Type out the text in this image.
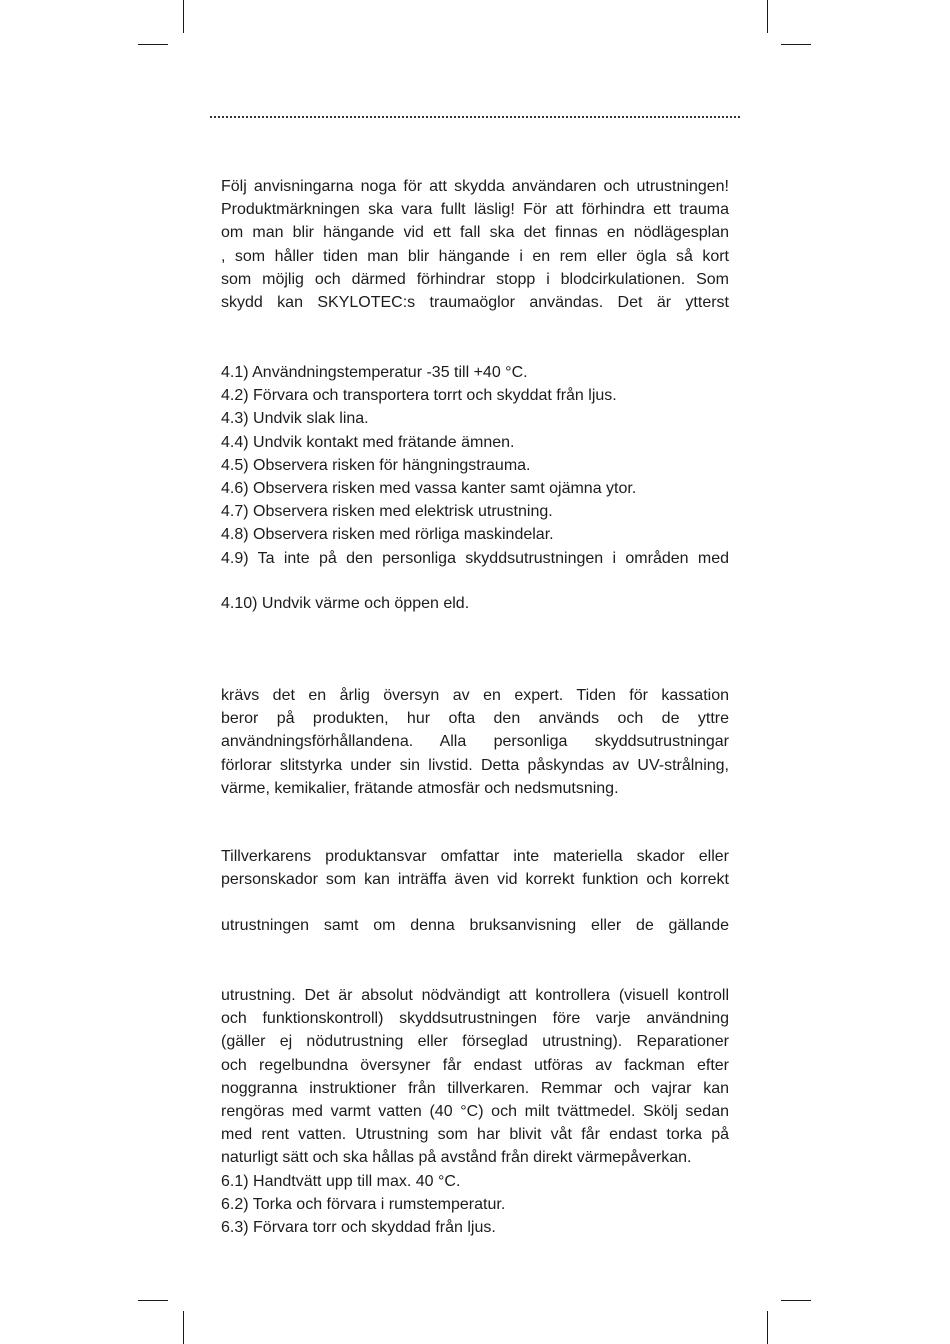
Följ anvisningarna noga för att skydda användaren och utrustningen!
Produktmärkningen ska vara fullt läslig! För att förhindra ett trauma
om man blir hängande vid ett fall ska det finnas en nödlägesplan
, som håller tiden man blir hängande i en rem eller ögla så kort
som möjlig och därmed förhindrar stopp i blodcirkulationen. Som
skydd kan SKYLOTEC:s traumaöglor användas. Det är ytterst
4.1) Användningstemperatur -35 till +40 °C.
4.2) Förvara och transportera torrt och skyddat från ljus.
4.3) Undvik slak lina.
4.4) Undvik kontakt med frätande ämnen.
4.5) Observera risken för hängningstrauma.
4.6) Observera risken med vassa kanter samt ojämna ytor.
4.7) Observera risken med elektrisk utrustning.
4.8) Observera risken med rörliga maskindelar.
4.9) Ta inte på den personliga skyddsutrustningen i områden med
4.10) Undvik värme och öppen eld.
krävs det en årlig översyn av en expert. Tiden för kassation
beror på produkten, hur ofta den används och de yttre
användningsförhållandena. Alla personliga skyddsutrustningar
förlorar slitstyrka under sin livstid. Detta påskyndas av UV-strålning,
värme, kemikalier, frätande atmosfär och nedsmutsning.
Tillverkarens produktansvar omfattar inte materiella skador eller
personskador som kan inträffa även vid korrekt funktion och korrekt
utrustningen samt om denna bruksanvisning eller de gällande
utrustning. Det är absolut nödvändigt att kontrollera (visuell kontroll
och funktionskontroll) skyddsutrustningen före varje användning
(gäller ej nödutrustning eller förseglad utrustning). Reparationer
och regelbundna översyner får endast utföras av fackman efter
noggranna instruktioner från tillverkaren. Remmar och vajrar kan
rengöras med varmt vatten (40 °C) och milt tvättmedel. Skölj sedan
med rent vatten. Utrustning som har blivit våt får endast torka på
naturligt sätt och ska hållas på avstånd från direkt värmepåverkan.
6.1) Handtvätt upp till max. 40 °C.
6.2) Torka och förvara i rumstemperatur.
6.3) Förvara torr och skyddad från ljus.
